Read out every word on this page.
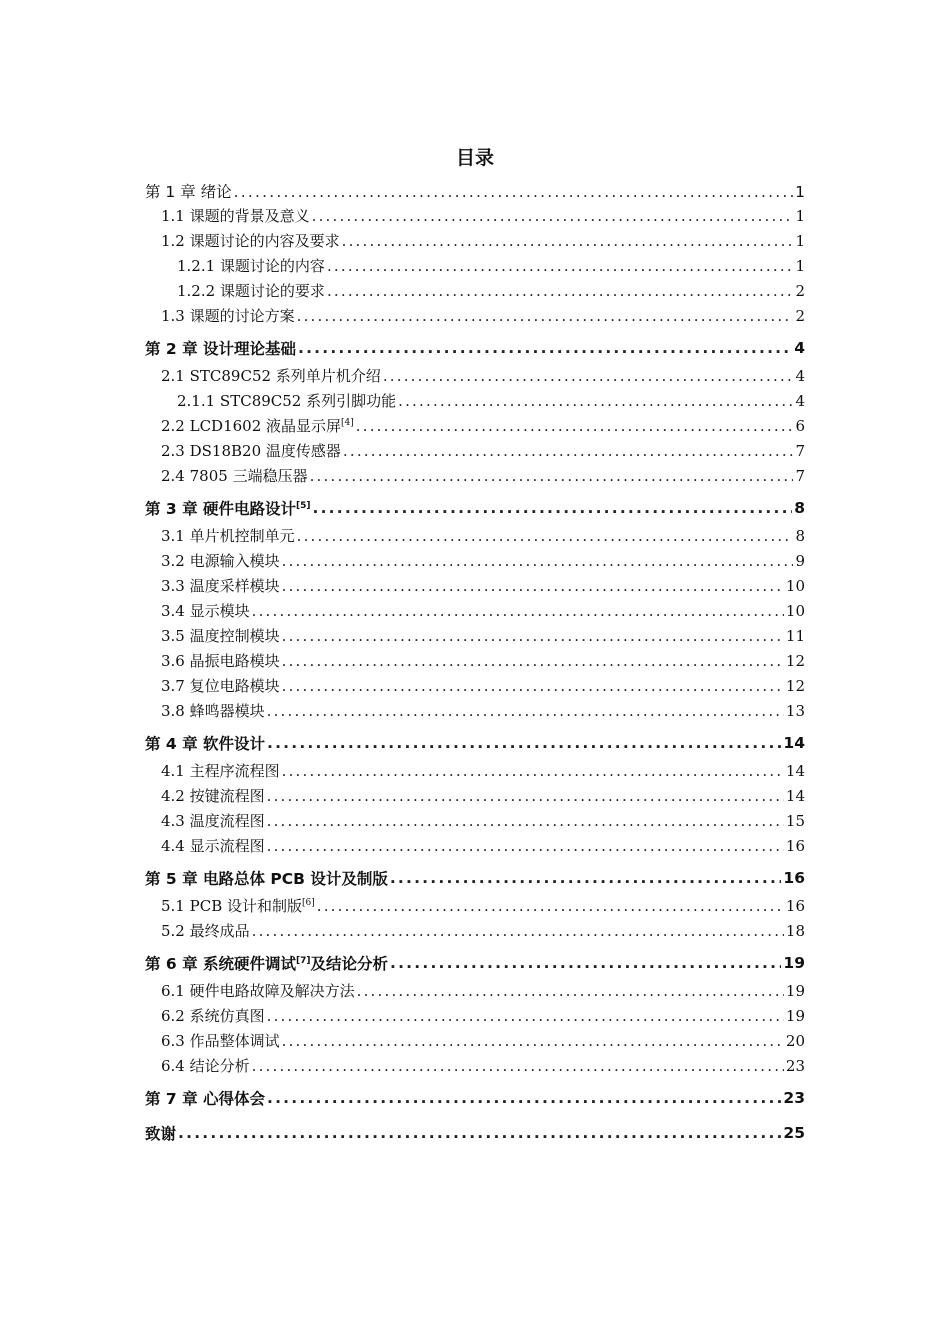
目录
第 1 章 绪论 .....	1
1.1 课题的背景及意义 .....	1
1.2 课题讨论的内容及要求 .....	1
1.2.1 课题讨论的内容 .....	1
1.2.2 课题讨论的要求 .....	2
1.3 课题的讨论方案 .....	2
第 2 章 设计理论基础 .....	4
2.1 STC89C52 系列单片机介绍 .....	4
2.1.1 STC89C52 系列引脚功能 .....	4
2.2 LCD1602 液晶显示屏[4] .....	6
2.3 DS18B20 温度传感器 .....	7
2.4 7805 三端稳压器 .....	7
第 3 章 硬件电路设计[5] .....	8
3.1 单片机控制单元 .....	8
3.2 电源输入模块 .....	9
3.3 温度采样模块 .....	10
3.4 显示模块 .....	10
3.5 温度控制模块 .....	11
3.6 晶振电路模块 .....	12
3.7 复位电路模块 .....	12
3.8 蜂鸣器模块 .....	13
第 4 章 软件设计 .....	14
4.1 主程序流程图 .....	14
4.2 按键流程图 .....	14
4.3 温度流程图 .....	15
4.4 显示流程图 .....	16
第 5 章 电路总体 PCB 设计及制版 .....	16
5.1 PCB 设计和制版[6] .....	16
5.2 最终成品 .....	18
第 6 章 系统硬件调试[7]及结论分析 .....	19
6.1 硬件电路故障及解决方法 .....	19
6.2 系统仿真图 .....	19
6.3 作品整体调试 .....	20
6.4 结论分析 .....	23
第 7 章 心得体会 .....	23
致谢 .....	25
